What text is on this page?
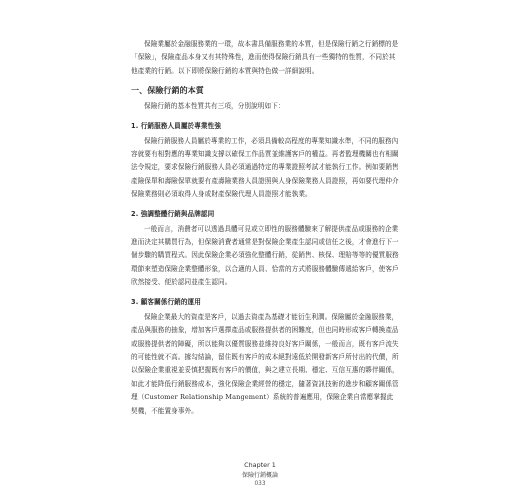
保險業屬於金融服務業的一環，故本書具備服務業的本質，但是保險行銷之行銷標的是「保險」，保險產品本身又有其特殊性，進而使得保險行銷具有一些獨特的性質，不同於其他產業的行銷。以下即將保險行銷的本質與特色做一詳細說明。

一、保險行銷的本質

保險行銷的基本性質共有三項，分別說明如下：

1. 行銷服務人員屬於專業性強

保險行銷服務人員屬於專業的工作，必須具備較高程度的專業知識水準，不同的服務內容就要有相對應的專業知識支撐以確保工作品質並維護客戶的權益。再者監理機關也有相關法令規定，要求保險行銷服務人員必須通過特定的專業證照考試才能執行工作。例如要銷售產險保單和壽險保單就要有產壽險業務人員證照與人身保險業務人員證照，再如要代理仲介保險業務則必須取得人身或財產保險代理人員證照才能執業。

2. 強調整體行銷與品牌認同

一般而言，消費者可以透過具體可見或立即性的服務體驗來了解提供產品或服務的企業進而決定其購買行為，但保險消費者通常是對保險企業產生認同或信任之後，才會進行下一個步驟的購買程式。因此保險企業必須強化整體行銷，從銷售、核保、理賠等等的優質服務環節來塑造保險企業整體形象，以合適的人員、恰當的方式將服務體驗傳遞給客戶，使客戶欣然接受、便於認同並產生認同。

3. 顧客關係行銷的運用

保險企業最大的資產是客戶，以過去資產為基礎才能衍生利潤。保險屬於金融服務業，產品與服務的抽象，增加客戶選擇產品或服務提供者的困難度，但也同時形成客戶轉換產品或服務提供者的障礙，所以能夠以優質服務並維持良好客戶關係，一般而言，既有客戶流失的可能性就不高。據勾結論，留住既有客戶的成本絕對遠低於開發新客戶所付出的代價，所以保險企業重視並妥慎把握既有客戶的價值，與之建立長期、穩定、互信互惠的夥伴關係，如此才能降低行銷服務成本，強化保險企業經營的穩定，隨著資訊技術的進步和顧客關係管理（Customer Relationship Mangement）系統的普遍應用，保險企業自當應掌握此契機，不能置身事外。

Chapter 1
保險行銷概論
033
